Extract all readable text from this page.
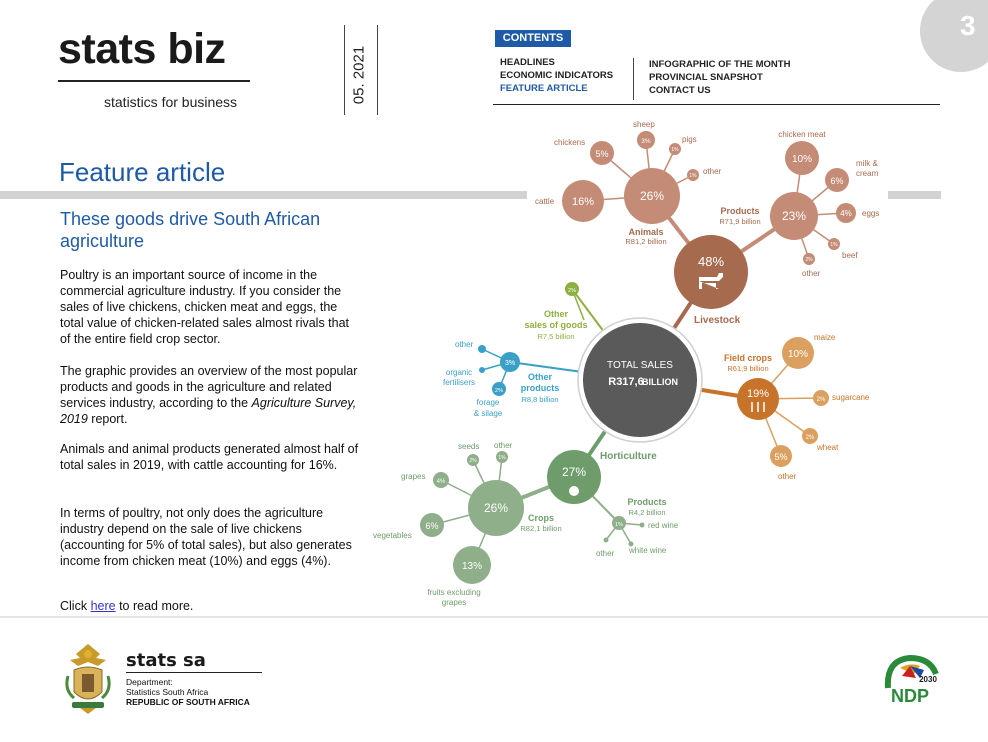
stats biz
statistics for business	05. 2021
CONTENTS
HEADLINES
ECONOMIC INDICATORS
FEATURE ARTICLE
INFOGRAPHIC OF THE MONTH
PROVINCIAL SNAPSHOT
CONTACT US
3
Feature article
These goods drive South African agriculture
Poultry is an important source of income in the commercial agriculture industry. If you consider the sales of live chickens, chicken meat and eggs, the total value of chicken-related sales almost rivals that of the entire field crop sector.
The graphic provides an overview of the most popular products and goods in the agriculture and related services industry, according to the Agriculture Survey, 2019 report.
Animals and animal products generated almost half of total sales in 2019, with cattle accounting for 16%.
In terms of poultry, not only does the agriculture industry depend on the sale of live chickens (accounting for 5% of total sales), but also generates income from chicken meat (10%) and eggs (4%).
Click here to read more.
TOTAL SALES
R317,6
BILLION
48%
Livestock
26%
Animals
R81,2 billion
16%
cattle
5%
chickens	3%
sheep
1%
pigs
1% other
23%
Products
R71,9 billion
10%
chicken meat
6%
milk &
cream
4% eggs
1%
beef
2%
other
19%
Field crops
R61,9 billion
10%
maize
2% sugarcane
2%
wheat
5%
other
27%
Horticulture
26%
Crops
R82,1 billion
4%
grapes
2%
seeds
1%
other
6%
vegetables
13%
fruits excluding
grapes
1%
Products
R4,2 billion
red wine
white wine
other
3%
Other
products
R8,8 billion
other
organic
fertilisers
2%
forage
& silage
2%
Other
sales of goods
R7,5 billion
stats sa
Department:
Statistics South Africa
REPUBLIC OF SOUTH AFRICA
2030
NDP
